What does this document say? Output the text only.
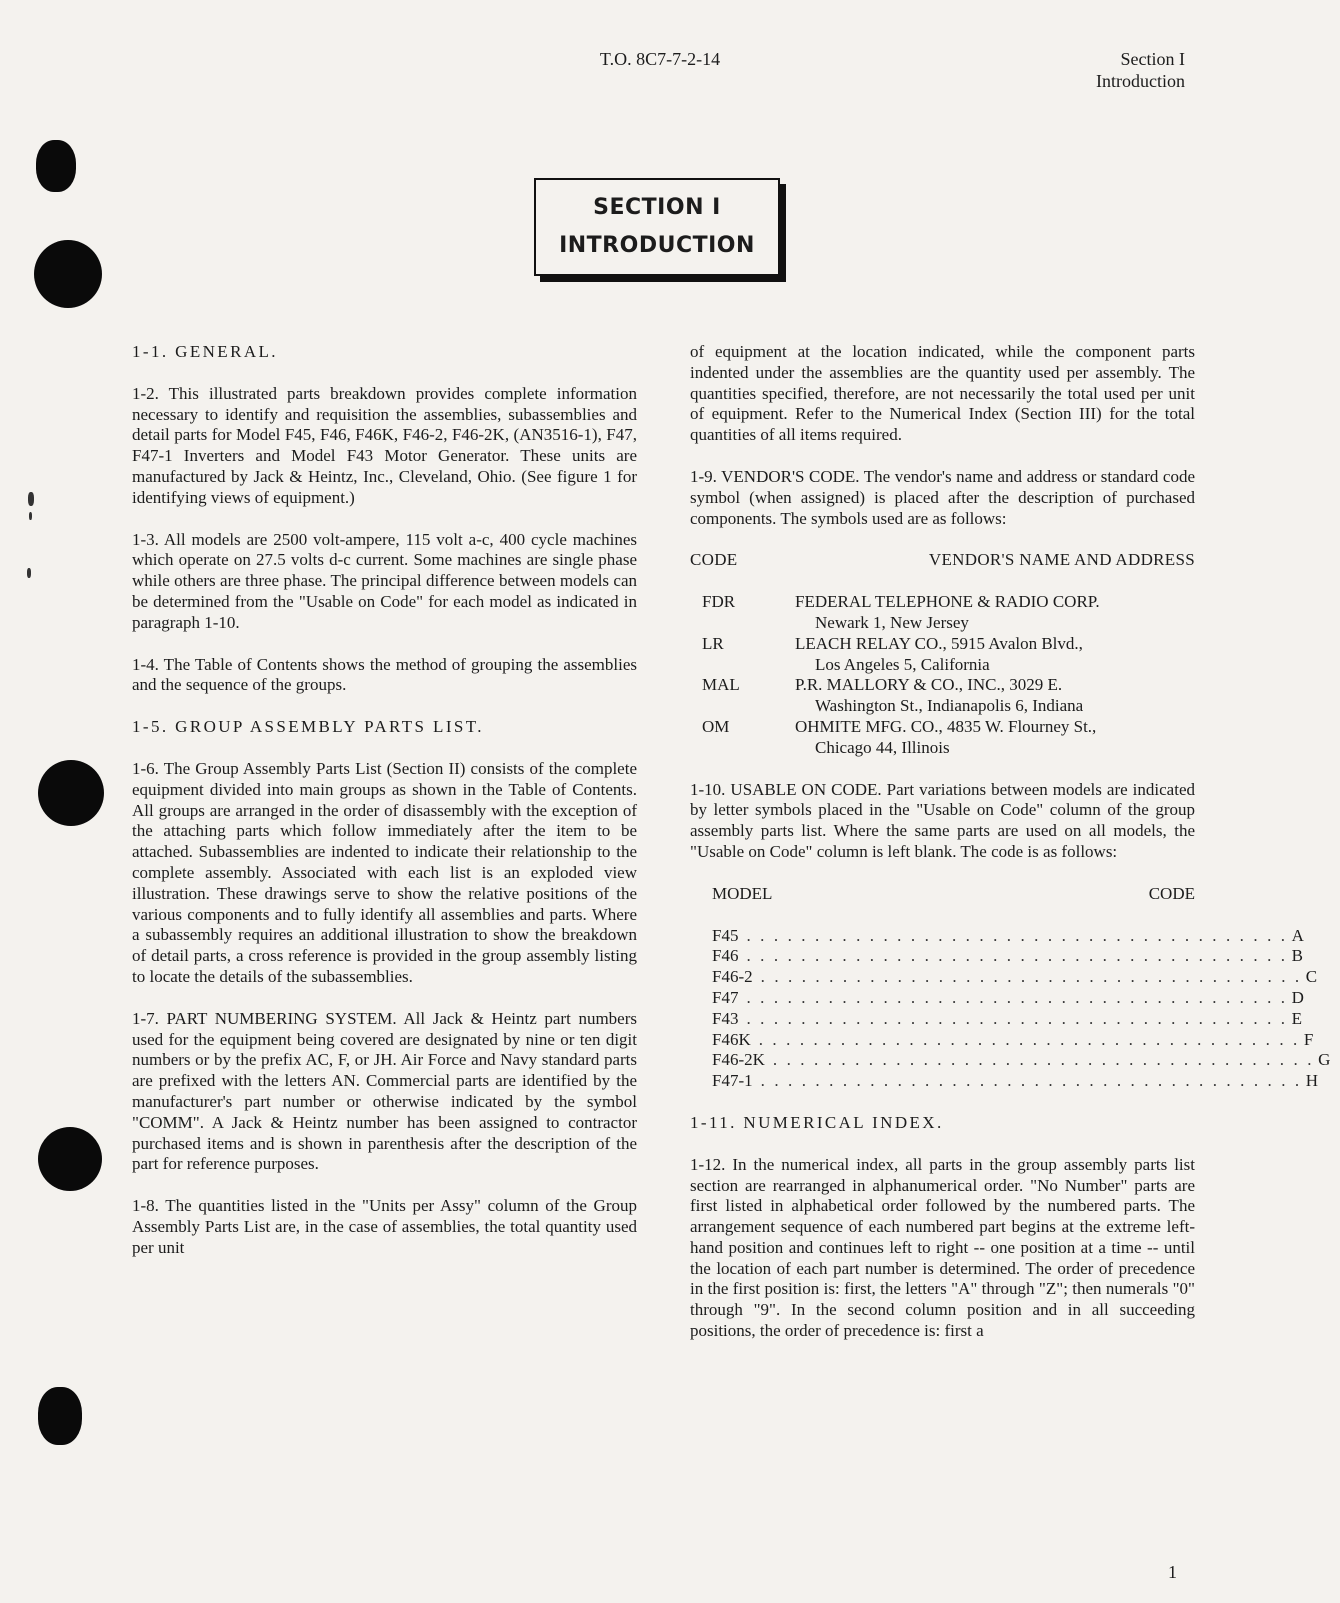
T.O. 8C7-7-2-14	Section I
Introduction
SECTION I
INTRODUCTION

1-1. GENERAL.

1-2. This illustrated parts breakdown provides complete information necessary to identify and requisition the assemblies, subassemblies and detail parts for Model F45, F46, F46K, F46-2, F46-2K, (AN3516-1), F47, F47-1 Inverters and Model F43 Motor Generator. These units are manufactured by Jack & Heintz, Inc., Cleveland, Ohio. (See figure 1 for identifying views of equipment.)

1-3. All models are 2500 volt-ampere, 115 volt a-c, 400 cycle machines which operate on 27.5 volts d-c current. Some machines are single phase while others are three phase. The principal difference between models can be determined from the "Usable on Code" for each model as indicated in paragraph 1-10.

1-4. The Table of Contents shows the method of grouping the assemblies and the sequence of the groups.

1-5. GROUP ASSEMBLY PARTS LIST.

1-6. The Group Assembly Parts List (Section II) consists of the complete equipment divided into main groups as shown in the Table of Contents. All groups are arranged in the order of disassembly with the exception of the attaching parts which follow immediately after the item to be attached. Subassemblies are indented to indicate their relationship to the complete assembly. Associated with each list is an exploded view illustration. These drawings serve to show the relative positions of the various components and to fully identify all assemblies and parts. Where a subassembly requires an additional illustration to show the breakdown of detail parts, a cross reference is provided in the group assembly listing to locate the details of the subassemblies.

1-7. PART NUMBERING SYSTEM. All Jack & Heintz part numbers used for the equipment being covered are designated by nine or ten digit numbers or by the prefix AC, F, or JH. Air Force and Navy standard parts are prefixed with the letters AN. Commercial parts are identified by the manufacturer's part number or otherwise indicated by the symbol "COMM". A Jack & Heintz number has been assigned to contractor purchased items and is shown in parenthesis after the description of the part for reference purposes.

1-8. The quantities listed in the "Units per Assy" column of the Group Assembly Parts List are, in the case of assemblies, the total quantity used per unit

of equipment at the location indicated, while the component parts indented under the assemblies are the quantity used per assembly. The quantities specified, therefore, are not necessarily the total used per unit of equipment. Refer to the Numerical Index (Section III) for the total quantities of all items required.

1-9. VENDOR'S CODE. The vendor's name and address or standard code symbol (when assigned) is placed after the description of purchased components. The symbols used are as follows:

CODE	VENDOR'S NAME AND ADDRESS
FDR	FEDERAL TELEPHONE & RADIO CORP.
Newark 1, New Jersey
LR	LEACH RELAY CO., 5915 Avalon Blvd.,
Los Angeles 5, California
MAL	P.R. MALLORY & CO., INC., 3029 E.
Washington St., Indianapolis 6, Indiana
OM	OHMITE MFG. CO., 4835 W. Flourney St.,
Chicago 44, Illinois

1-10. USABLE ON CODE. Part variations between models are indicated by letter symbols placed in the "Usable on Code" column of the group assembly parts list. Where the same parts are used on all models, the "Usable on Code" column is left blank. The code is as follows:

MODEL	CODE
F45 . . . . . . . . . . . . . . . . . . . . . . . . . . . . . . . . . . . . . . . . A
F46 . . . . . . . . . . . . . . . . . . . . . . . . . . . . . . . . . . . . . . . . B
F46-2 . . . . . . . . . . . . . . . . . . . . . . . . . . . . . . . . . . . . . . . . C
F47 . . . . . . . . . . . . . . . . . . . . . . . . . . . . . . . . . . . . . . . . D
F43 . . . . . . . . . . . . . . . . . . . . . . . . . . . . . . . . . . . . . . . . E
F46K . . . . . . . . . . . . . . . . . . . . . . . . . . . . . . . . . . . . . . . . F
F46-2K . . . . . . . . . . . . . . . . . . . . . . . . . . . . . . . . . . . . . . . . G
F47-1 . . . . . . . . . . . . . . . . . . . . . . . . . . . . . . . . . . . . . . . . H

1-11. NUMERICAL INDEX.

1-12. In the numerical index, all parts in the group assembly parts list section are rearranged in alphanumerical order. "No Number" parts are first listed in alphabetical order followed by the numbered parts. The arrangement sequence of each numbered part begins at the extreme left-hand position and continues left to right -- one position at a time -- until the location of each part number is determined. The order of precedence in the first position is: first, the letters "A" through "Z"; then numerals "0" through "9". In the second column position and in all succeeding positions, the order of precedence is: first a

1
